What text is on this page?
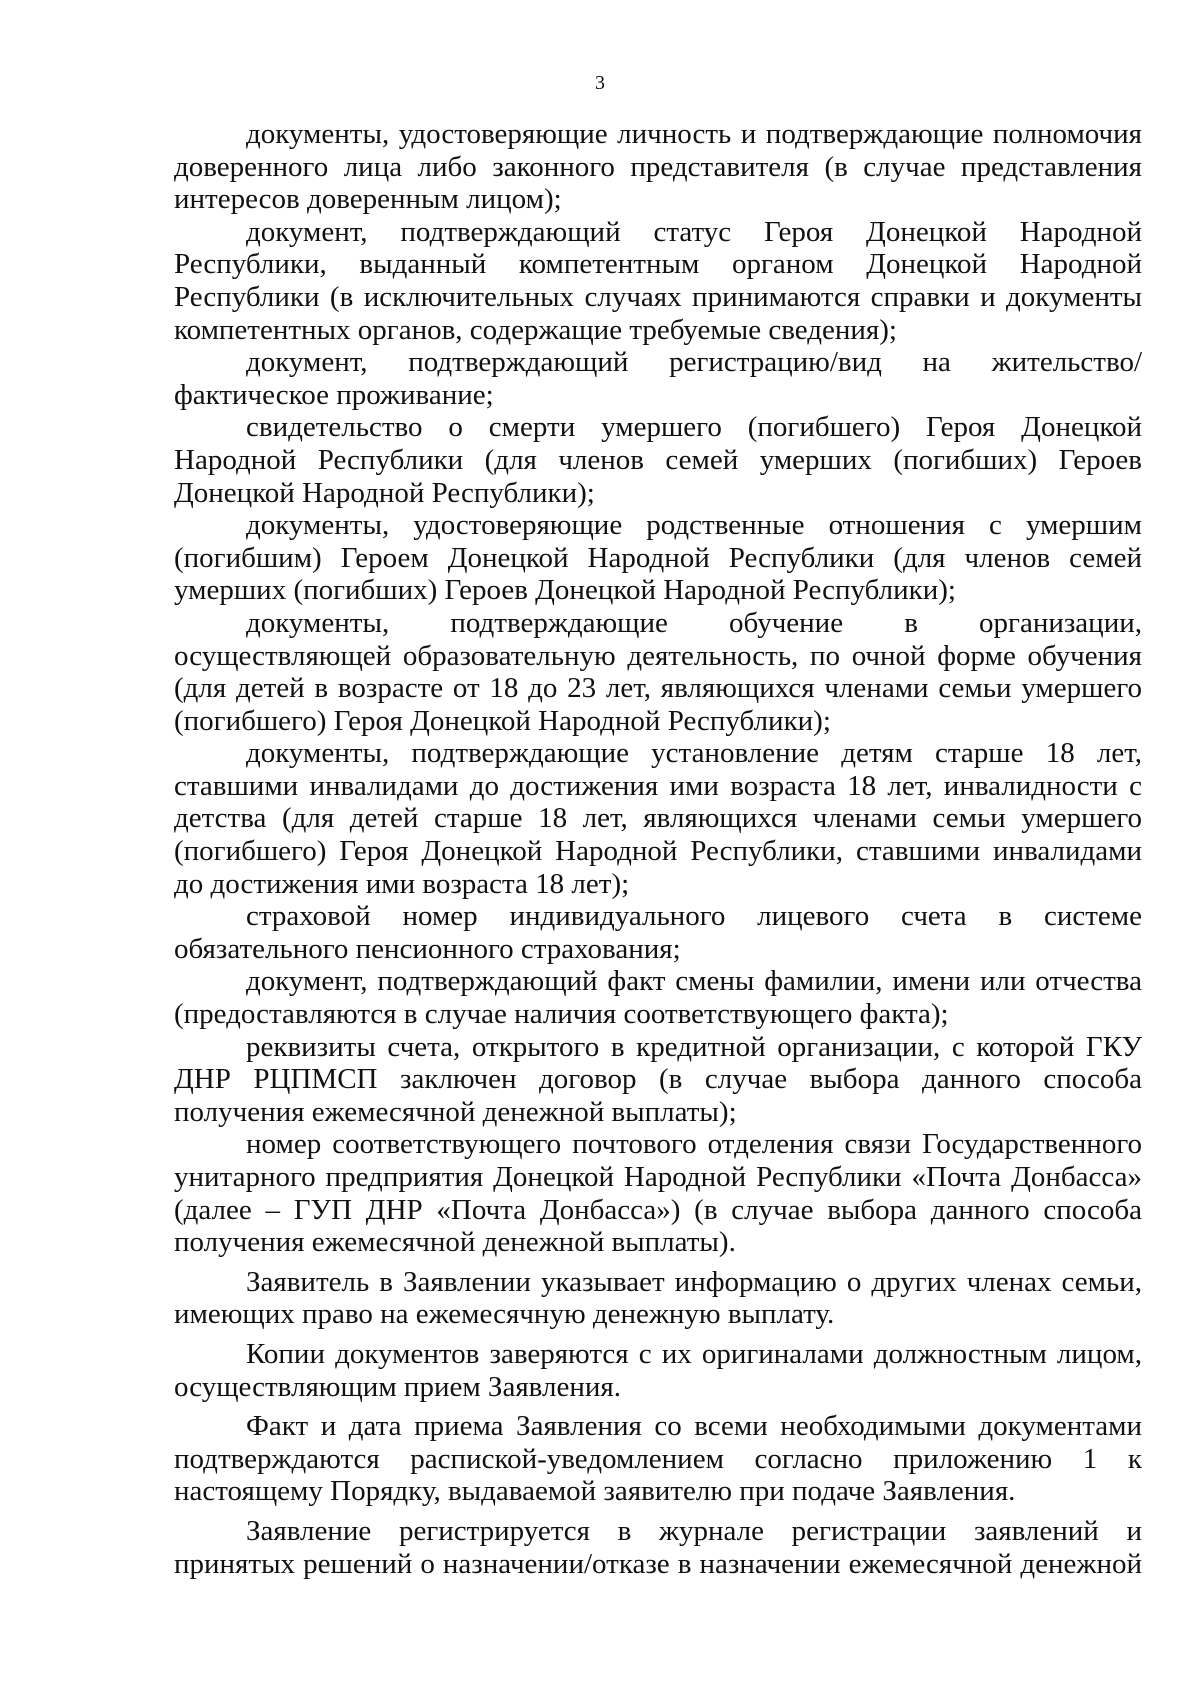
3

документы, удостоверяющие личность и подтверждающие полномочия доверенного лица либо законного представителя (в случае представления интересов доверенным лицом);

документ, подтверждающий статус Героя Донецкой Народной Республики, выданный компетентным органом Донецкой Народной Республики (в исключительных случаях принимаются справки и документы компетентных органов, содержащие требуемые сведения);

документ, подтверждающий регистрацию/вид на жительство/фактическое проживание;

свидетельство о смерти умершего (погибшего) Героя Донецкой Народной Республики (для членов семей умерших (погибших) Героев Донецкой Народной Республики);

документы, удостоверяющие родственные отношения с умершим (погибшим) Героем Донецкой Народной Республики (для членов семей умерших (погибших) Героев Донецкой Народной Республики);

документы, подтверждающие обучение в организации, осуществляющей образовательную деятельность, по очной форме обучения (для детей в возрасте от 18 до 23 лет, являющихся членами семьи умершего (погибшего) Героя Донецкой Народной Республики);

документы, подтверждающие установление детям старше 18 лет, ставшими инвалидами до достижения ими возраста 18 лет, инвалидности с детства (для детей старше 18 лет, являющихся членами семьи умершего (погибшего) Героя Донецкой Народной Республики, ставшими инвалидами до достижения ими возраста 18 лет);

страховой номер индивидуального лицевого счета в системе обязательного пенсионного страхования;

документ, подтверждающий факт смены фамилии, имени или отчества (предоставляются в случае наличия соответствующего факта);

реквизиты счета, открытого в кредитной организации, с которой ГКУ ДНР РЦПМСП заключен договор (в случае выбора данного способа получения ежемесячной денежной выплаты);

номер соответствующего почтового отделения связи Государственного унитарного предприятия Донецкой Народной Республики «Почта Донбасса» (далее – ГУП ДНР «Почта Донбасса») (в случае выбора данного способа получения ежемесячной денежной выплаты).

Заявитель в Заявлении указывает информацию о других членах семьи, имеющих право на ежемесячную денежную выплату.

Копии документов заверяются с их оригиналами должностным лицом, осуществляющим прием Заявления.

Факт и дата приема Заявления со всеми необходимыми документами подтверждаются распиской-уведомлением согласно приложению 1 к настоящему Порядку, выдаваемой заявителю при подаче Заявления.

Заявление регистрируется в журнале регистрации заявлений и принятых решений о назначении/отказе в назначении ежемесячной денежной
